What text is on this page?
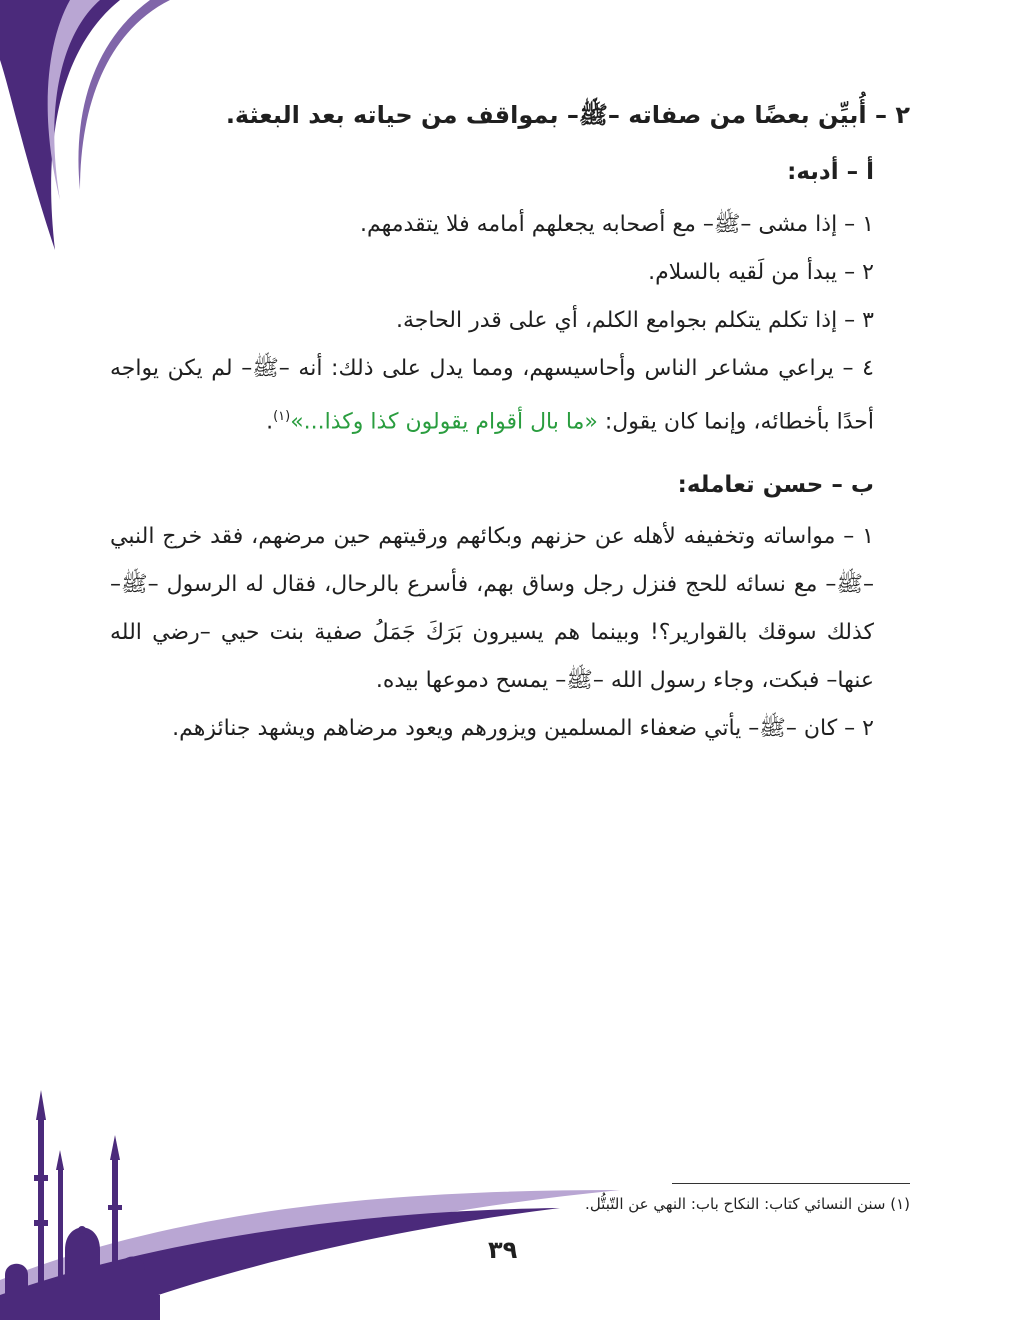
٢ – أُبيِّن بعضًا من صفاته –ﷺ– بمواقف من حياته بعد البعثة.

أ – أدبه:

١ – إذا مشى –ﷺ– مع أصحابه يجعلهم أمامه فلا يتقدمهم.
٢ – يبدأ من لَقيه بالسلام.
٣ – إذا تكلم يتكلم بجوامع الكلم، أي على قدر الحاجة.
٤ – يراعي مشاعر الناس وأحاسيسهم، ومما يدل على ذلك: أنه –ﷺ– لم يكن يواجه أحدًا بأخطائه، وإنما كان يقول: «ما بال أقوام يقولون كذا وكذا...»$^{(١)}$.

ب – حسن تعامله:

١ – مواساته وتخفيفه لأهله عن حزنهم وبكائهم ورقيتهم حين مرضهم، فقد خرج النبي –ﷺ– مع نسائه للحج فنزل رجل وساق بهم، فأسرع بالرحال، فقال له الرسول –ﷺ– كذلك سوقك بالقوارير؟! وبينما هم يسيرون بَرَكَ جَمَلُ صفية بنت حيي –رضي الله عنها– فبكت، وجاء رسول الله –ﷺ– يمسح دموعها بيده.
٢ – كان –ﷺ– يأتي ضعفاء المسلمين ويزورهم ويعود مرضاهم ويشهد جنائزهم.
(١) سنن النسائي كتاب: النكاح باب: النهي عن التّبتُّل.
٣٩
